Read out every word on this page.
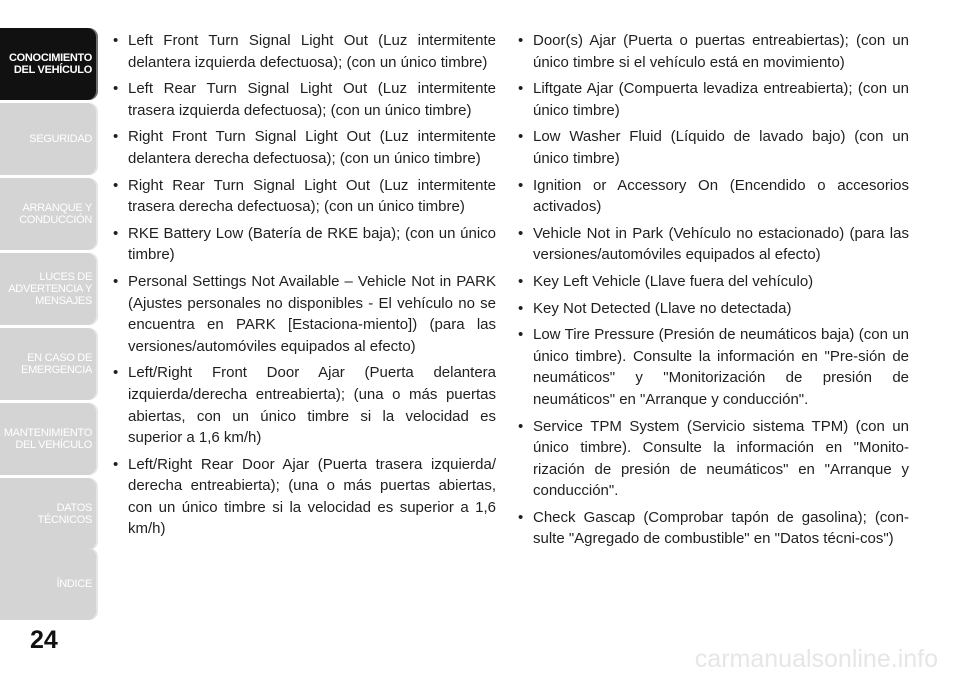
CONOCIMIENTO
DEL VEHÍCULO
SEGURIDAD
ARRANQUE Y
CONDUCCIÓN
LUCES DE
ADVERTENCIA Y
MENSAJES
EN CASO DE
EMERGENCIA
MANTENIMIENTO
DEL VEHÍCULO
DATOS
TÉCNICOS
ÍNDICE
24
• Left Front Turn Signal Light Out (Luz intermitente delantera izquierda defectuosa); (con un único timbre)
• Left Rear Turn Signal Light Out (Luz intermitente trasera izquierda defectuosa); (con un único timbre)
• Right Front Turn Signal Light Out (Luz intermitente delantera derecha defectuosa); (con un único timbre)
• Right Rear Turn Signal Light Out (Luz intermitente trasera derecha defectuosa); (con un único timbre)
• RKE Battery Low (Batería de RKE baja); (con un único timbre)
• Personal Settings Not Available – Vehicle Not in PARK (Ajustes personales no disponibles - El vehículo no se encuentra en PARK [Estaciona-miento]) (para las versiones/automóviles equipados al efecto)
• Left/Right Front Door Ajar (Puerta delantera izquierda/derecha entreabierta); (una o más puertas abiertas, con un único timbre si la velocidad es superior a 1,6 km/h)
• Left/Right Rear Door Ajar (Puerta trasera izquierda/ derecha entreabierta); (una o más puertas abiertas, con un único timbre si la velocidad es superior a 1,6 km/h)
• Door(s) Ajar (Puerta o puertas entreabiertas); (con un único timbre si el vehículo está en movimiento)
• Liftgate Ajar (Compuerta levadiza entreabierta); (con un único timbre)
• Low Washer Fluid (Líquido de lavado bajo) (con un único timbre)
• Ignition or Accessory On (Encendido o accesorios activados)
• Vehicle Not in Park (Vehículo no estacionado) (para las versiones/automóviles equipados al efecto)
• Key Left Vehicle (Llave fuera del vehículo)
• Key Not Detected (Llave no detectada)
• Low Tire Pressure (Presión de neumáticos baja) (con un único timbre). Consulte la información en "Pre-sión de neumáticos" y "Monitorización de presión de neumáticos" en "Arranque y conducción".
• Service TPM System (Servicio sistema TPM) (con un único timbre). Consulte la información en "Monito-rización de presión de neumáticos" en "Arranque y conducción".
• Check Gascap (Comprobar tapón de gasolina); (con-sulte "Agregado de combustible" en "Datos técni-cos")
carmanualsonline.info
